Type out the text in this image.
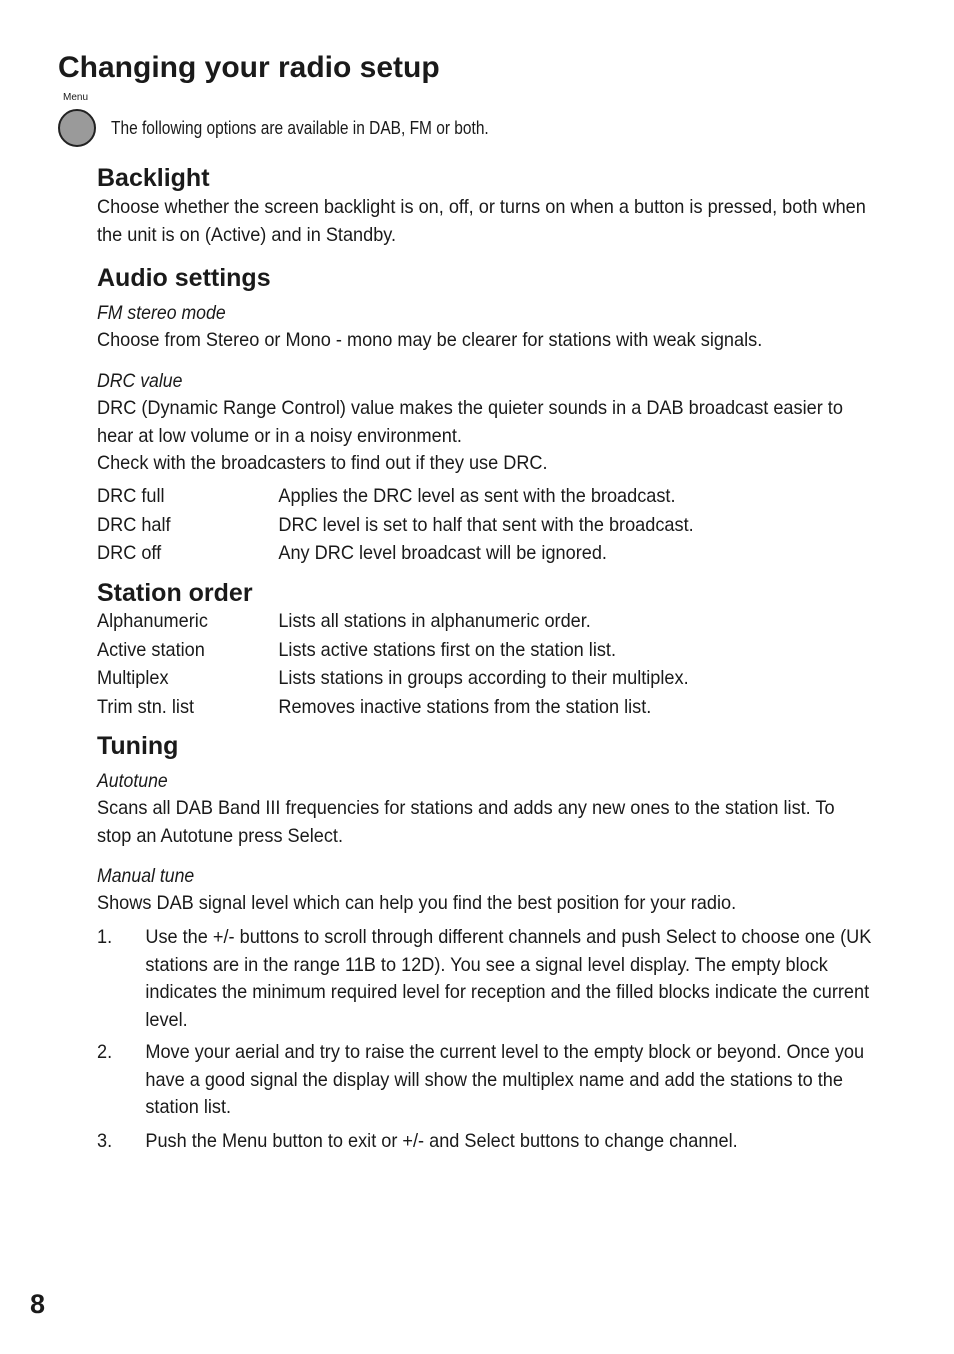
Changing your radio setup
Menu
The following options are available in DAB, FM or both.
Backlight
Choose whether the screen backlight is on, off, or turns on when a button is pressed, both when the unit is on (Active) and in Standby.
Audio settings
FM stereo mode
Choose from Stereo or Mono - mono may be clearer for stations with weak signals.
DRC value
DRC (Dynamic Range Control) value makes the quieter sounds in a DAB broadcast easier to hear at low volume or in a noisy environment.
Check with the broadcasters to find out if they use DRC.
DRC full	Applies the DRC level as sent with the broadcast.
DRC half	DRC level is set to half that sent with the broadcast.
DRC off	Any DRC level broadcast will be ignored.
Station order
Alphanumeric	Lists all stations in alphanumeric order.
Active station	Lists active stations first on the station list.
Multiplex	Lists stations in groups according to their multiplex.
Trim stn. list	Removes inactive stations from the station list.
Tuning
Autotune
Scans all DAB Band III frequencies for stations and adds any new ones to the station list. To stop an Autotune press Select.
Manual tune
Shows DAB signal level which can help you find the best position for your radio.
1. Use the +/- buttons to scroll through different channels and push Select to choose one (UK stations are in the range 11B to 12D). You see a signal level display. The empty block indicates the minimum required level for reception and the filled blocks indicate the current level.
2. Move your aerial and try to raise the current level to the empty block or beyond. Once you have a good signal the display will show the multiplex name and add the stations to the station list.
3. Push the Menu button to exit or +/- and Select buttons to change channel.
8
